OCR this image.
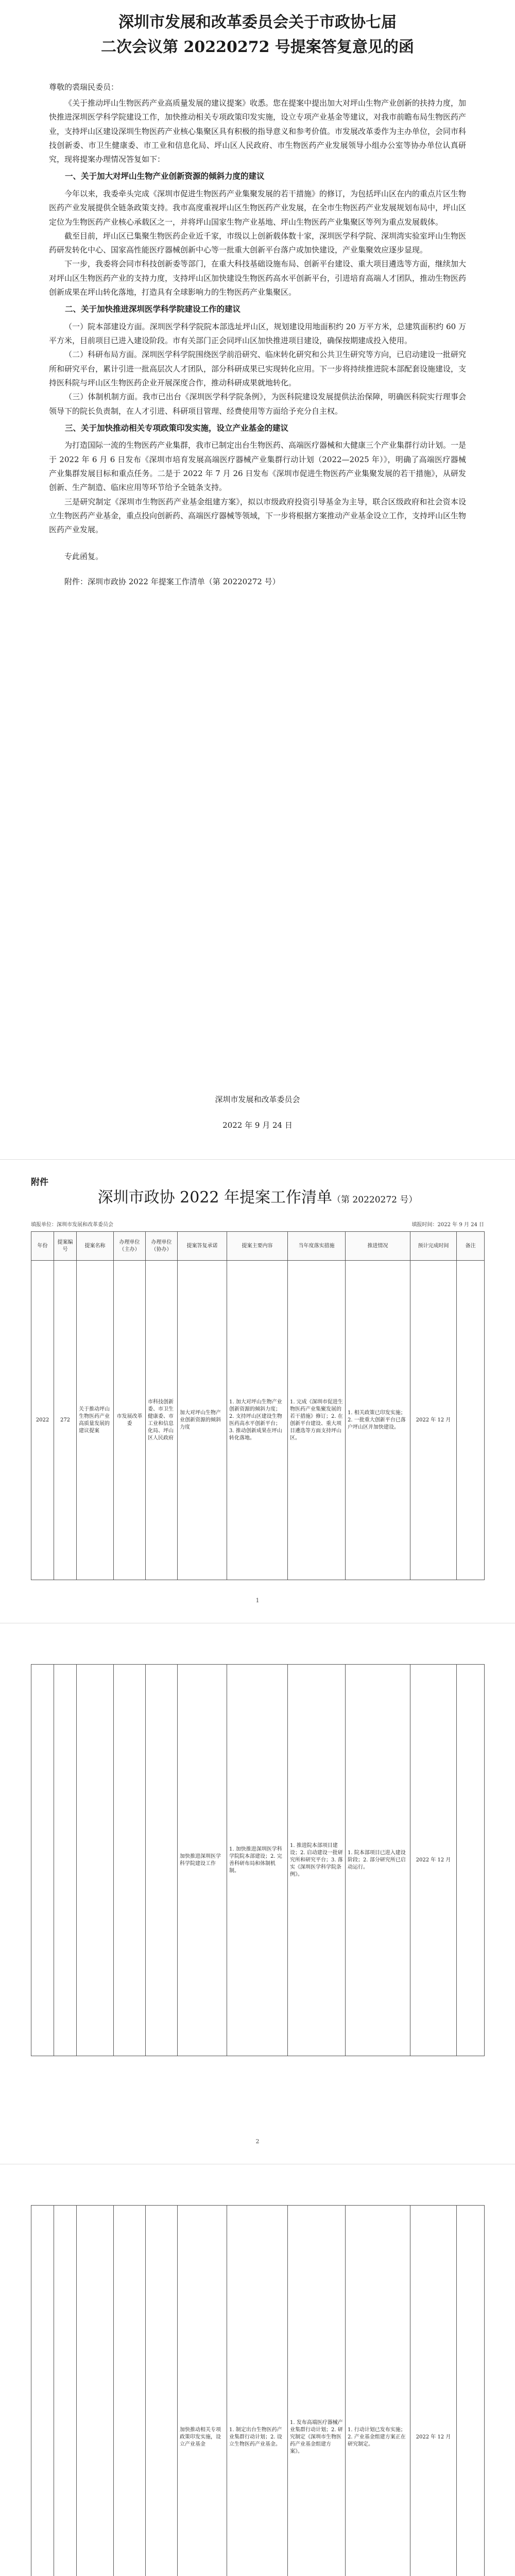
深圳市发展和改革委员会关于市政协七届
二次会议第 20220272 号提案答复意见的函
尊敬的裘瑞民委员：

《关于推动坪山生物医药产业高质量发展的建议提案》收悉。您在提案中提出加大对坪山生物产业创新的扶持力度，加快推进深圳医学科学院建设工作，加快推动相关专项政策印发实施，设立专项产业基金等建议，对我市前瞻布局生物医药产业，支持坪山区建设深圳生物医药产业核心集聚区具有积极的指导意义和参考价值。市发展改革委作为主办单位，会同市科技创新委、市卫生健康委、市工业和信息化局、坪山区人民政府、市生物医药产业发展领导小组办公室等协办单位认真研究，现将提案办理情况答复如下：

一、关于加大对坪山生物产业创新资源的倾斜力度的建议

今年以来，我委牵头完成《深圳市促进生物医药产业集聚发展的若干措施》的修订，为包括坪山区在内的重点片区生物医药产业发展提供全链条政策支持。我市高度重视坪山区生物医药产业发展，在全市生物医药产业发展规划布局中，坪山区定位为生物医药产业核心承载区之一，并将坪山国家生物产业基地、坪山生物医药产业集聚区等列为重点发展载体。

截至目前，坪山区已集聚生物医药企业近千家，市级以上创新载体数十家，深圳医学科学院、深圳湾实验室坪山生物医药研发转化中心、国家高性能医疗器械创新中心等一批重大创新平台落户或加快建设，产业集聚效应逐步显现。

下一步，我委将会同市科技创新委等部门，在重大科技基础设施布局、创新平台建设、重大项目遴选等方面，继续加大对坪山区生物医药产业的支持力度，支持坪山区加快建设生物医药高水平创新平台，引进培育高端人才团队，推动生物医药创新成果在坪山转化落地，打造具有全球影响力的生物医药产业集聚区。

二、关于加快推进深圳医学科学院建设工作的建议

（一）院本部建设方面。深圳医学科学院院本部选址坪山区，规划建设用地面积约 20 万平方米，总建筑面积约 60 万平方米，目前项目已进入建设阶段。市有关部门正会同坪山区加快推进项目建设，确保按期建成投入使用。

（二）科研布局方面。深圳医学科学院围绕医学前沿研究、临床转化研究和公共卫生研究等方向，已启动建设一批研究所和研究平台，累计引进一批高层次人才团队，部分科研成果已实现转化应用。下一步将持续推进院本部配套设施建设，支持医科院与坪山区生物医药企业开展深度合作，推动科研成果就地转化。

（三）体制机制方面。我市已出台《深圳医学科学院条例》，为医科院建设发展提供法治保障，明确医科院实行理事会领导下的院长负责制，在人才引进、科研项目管理、经费使用等方面给予充分自主权。

三、关于加快推动相关专项政策印发实施，设立产业基金的建议

为打造国际一流的生物医药产业集群，我市已制定出台生物医药、高端医疗器械和大健康三个产业集群行动计划。一是于 2022 年 6 月 6 日发布《深圳市培育发展高端医疗器械产业集群行动计划（2022—2025 年）》，明确了高端医疗器械产业集群发展目标和重点任务。二是于 2022 年 7 月 26 日发布《深圳市促进生物医药产业集聚发展的若干措施》，从研发创新、生产制造、临床应用等环节给予全链条支持。

三是研究制定《深圳市生物医药产业基金组建方案》，拟以市级政府投资引导基金为主导，联合区级政府和社会资本设立生物医药产业基金，重点投向创新药、高端医疗器械等领域，下一步将根据方案推动产业基金设立工作，支持坪山区生物医药产业发展。

专此函复。
附件：深圳市政协 2022 年提案工作清单（第 20220272 号）
深圳市发展和改革委员会
2022 年 9 月 24 日
附件
深圳市政协 2022 年提案工作清单（第 20220272 号）
填报单位：深圳市发展和改革委员会	填报时间：2022 年 9 月 24 日
年份	提案编号	提案名称	办理单位（主办）	办理单位（协办）	提案答复承诺	提案主要内容	当年度落实措施	推进情况	预计完成时间	备注
2022	272	关于推动坪山生物医药产业高质量发展的建议提案	市发展改革委	市科技创新委、市卫生健康委、市工业和信息化局、坪山区人民政府	加大对坪山生物产业创新资源的倾斜力度	1. 加大对坪山生物产业创新资源的倾斜力度；2. 支持坪山区建设生物医药高水平创新平台；3. 推动创新成果在坪山转化落地。	1. 完成《深圳市促进生物医药产业集聚发展的若干措施》修订；2. 在创新平台建设、重大项目遴选等方面支持坪山区。	1. 相关政策已印发实施；2. 一批重大创新平台已落户坪山区并加快建设。	2022 年 12 月	
1
					加快推进深圳医学科学院建设工作	1. 加快推进深圳医学科学院院本部建设；2. 完善科研布局和体制机制。	1. 推进院本部项目建设；2. 启动建设一批研究所和研究平台；3. 落实《深圳医学科学院条例》。	1. 院本部项目已进入建设阶段；2. 部分研究所已启动运行。	2022 年 12 月	
2
					加快推动相关专项政策印发实施，设立产业基金	1. 制定出台生物医药产业集群行动计划；2. 设立生物医药产业基金。	1. 发布高端医疗器械产业集群行动计划；2. 研究制定《深圳市生物医药产业基金组建方案》。	1. 行动计划已发布实施；2. 产业基金组建方案正在研究制定。	2022 年 12 月	
